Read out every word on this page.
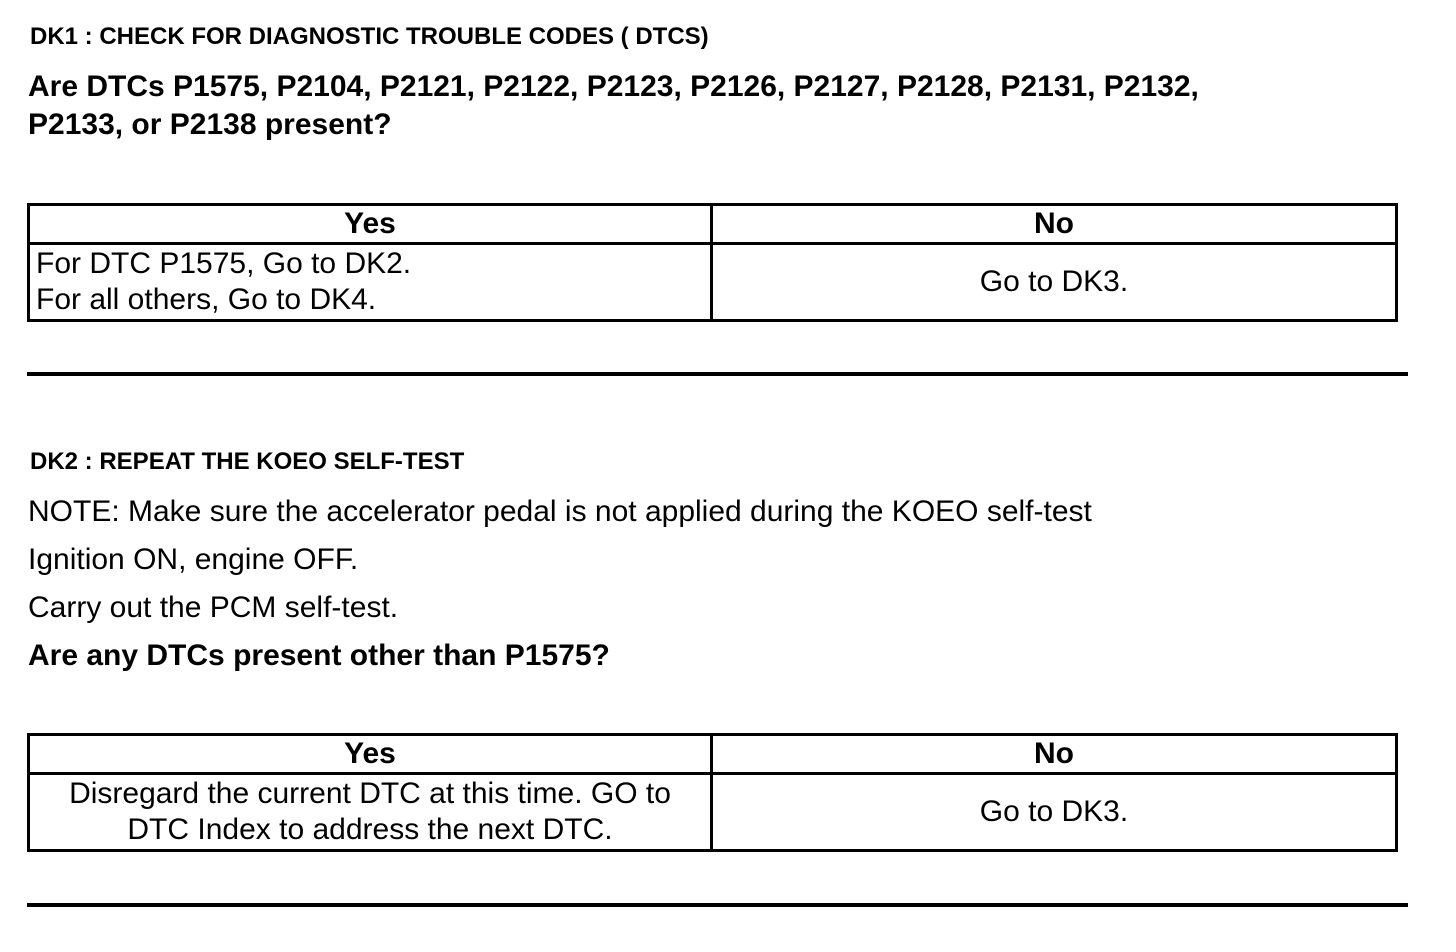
DK1 : CHECK FOR DIAGNOSTIC TROUBLE CODES ( DTCS)
Are DTCs P1575, P2104, P2121, P2122, P2123, P2126, P2127, P2128, P2131, P2132,
P2133, or P2138 present?
Yes	No

For DTC P1575, Go to DK2.
For all others, Go to DK4.	Go to DK3.
DK2 : REPEAT THE KOEO SELF-TEST
NOTE: Make sure the accelerator pedal is not applied during the KOEO self-test
Ignition ON, engine OFF.
Carry out the PCM self-test.
Are any DTCs present other than P1575?
Yes	No

Disregard the current DTC at this time. GO to
DTC Index to address the next DTC.	Go to DK3.
